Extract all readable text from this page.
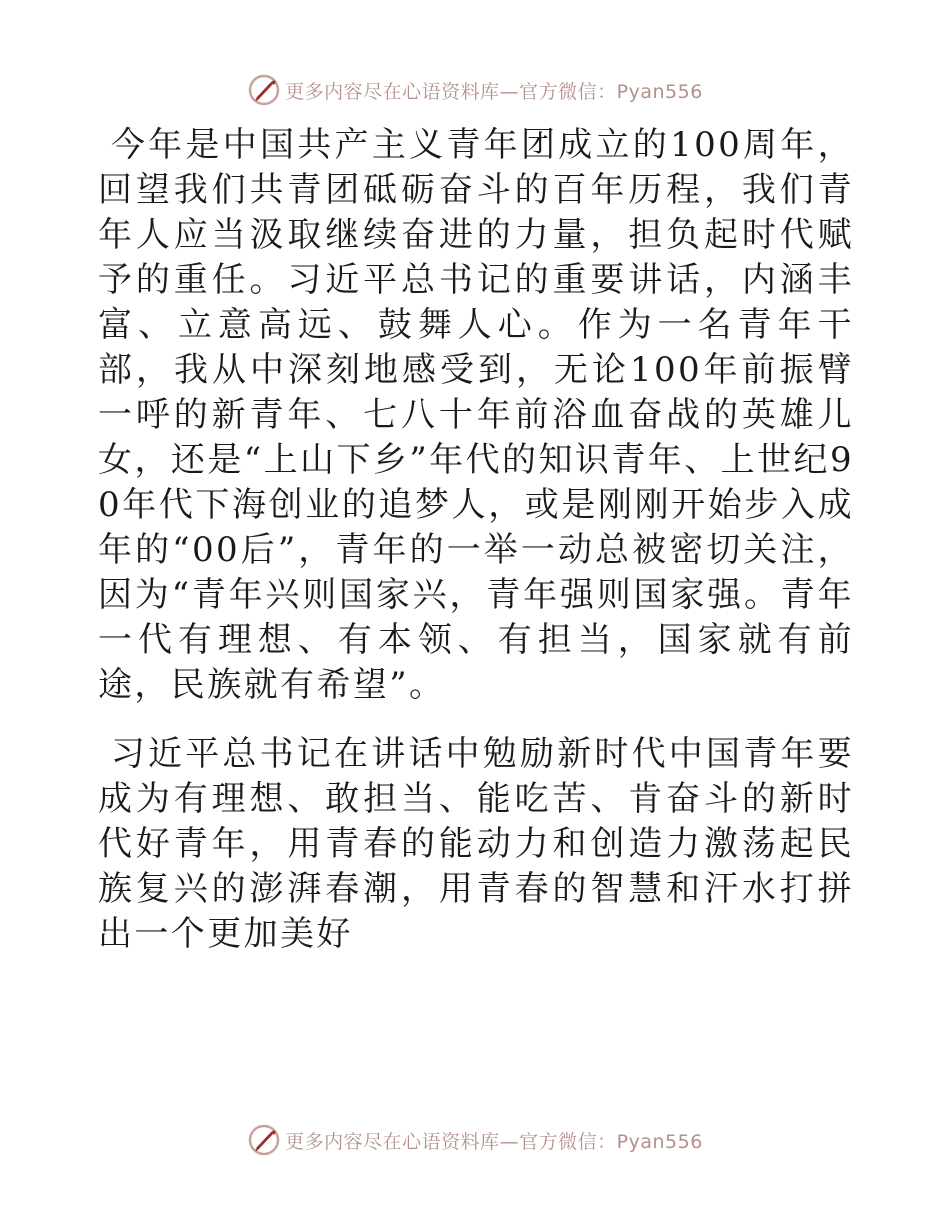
更多内容尽在心语资料库—官方微信：Pyan556

今年是中国共产主义青年团成立的100周年，回望我们共青团砥砺奋斗的百年历程，我们青年人应当汲取继续奋进的力量，担负起时代赋予的重任。习近平总书记的重要讲话，内涵丰富、立意高远、鼓舞人心。作为一名青年干部，我从中深刻地感受到，无论100年前振臂一呼的新青年、七八十年前浴血奋战的英雄儿女，还是“上山下乡”年代的知识青年、上世纪90年代下海创业的追梦人，或是刚刚开始步入成年的“00后”，青年的一举一动总被密切关注，因为“青年兴则国家兴，青年强则国家强。青年一代有理想、有本领、有担当，国家就有前途，民族就有希望”。

习近平总书记在讲话中勉励新时代中国青年要成为有理想、敢担当、能吃苦、肯奋斗的新时代好青年，用青春的能动力和创造力激荡起民族复兴的澎湃春潮，用青春的智慧和汗水打拼出一个更加美好

更多内容尽在心语资料库—官方微信：Pyan556
